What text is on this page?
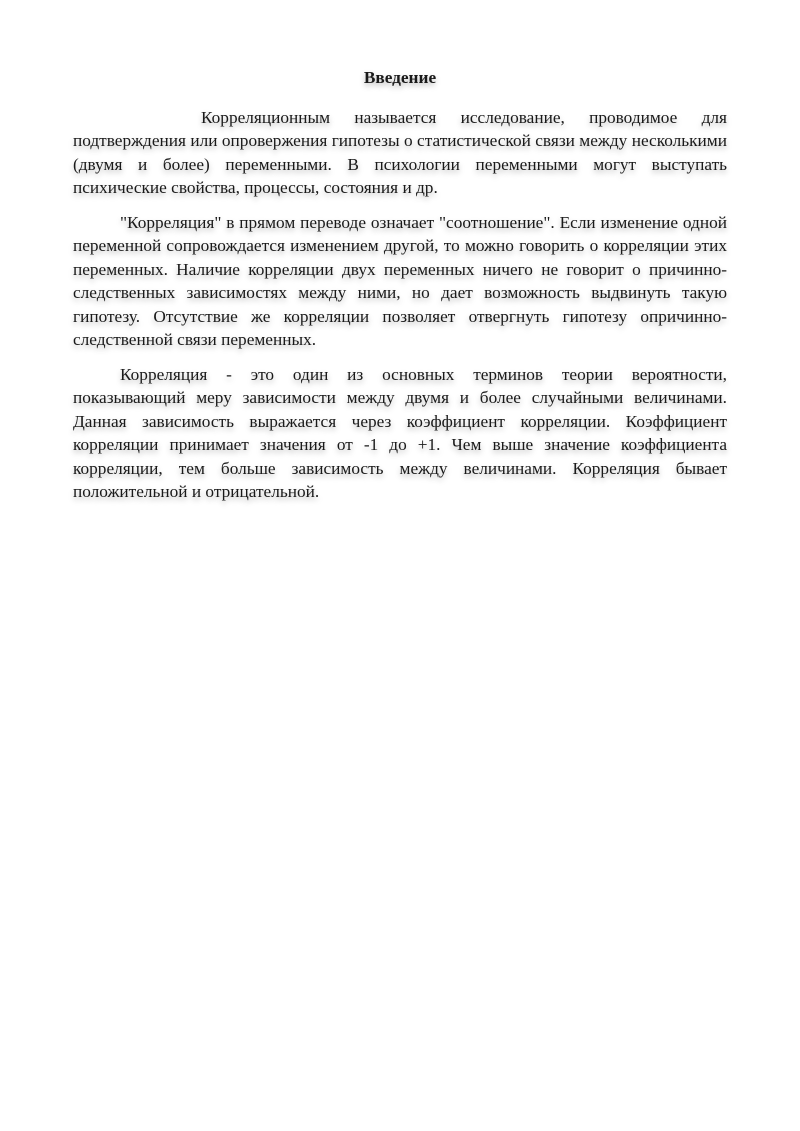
Введение

Корреляционным называется исследование, проводимое для подтверждения или опровержения гипотезы о статистической связи между несколькими (двумя и более) переменными. В психологии переменными могут выступать психические свойства, процессы, состояния и др.

"Корреляция" в прямом переводе означает "соотношение". Если изменение одной переменной сопровождается изменением другой, то можно говорить о корреляции этих переменных. Наличие корреляции двух переменных ничего не говорит о причинно-следственных зависимостях между ними, но дает возможность выдвинуть такую гипотезу. Отсутствие же корреляции позволяет отвергнуть гипотезу опричинно-следственной связи переменных.

Корреляция - это один из основных терминов теории вероятности, показывающий меру зависимости между двумя и более случайными величинами. Данная зависимость выражается через коэффициент корреляции. Коэффициент корреляции принимает значения от -1 до +1. Чем выше значение коэффициента корреляции, тем больше зависимость между величинами. Корреляция бывает положительной и отрицательной.
